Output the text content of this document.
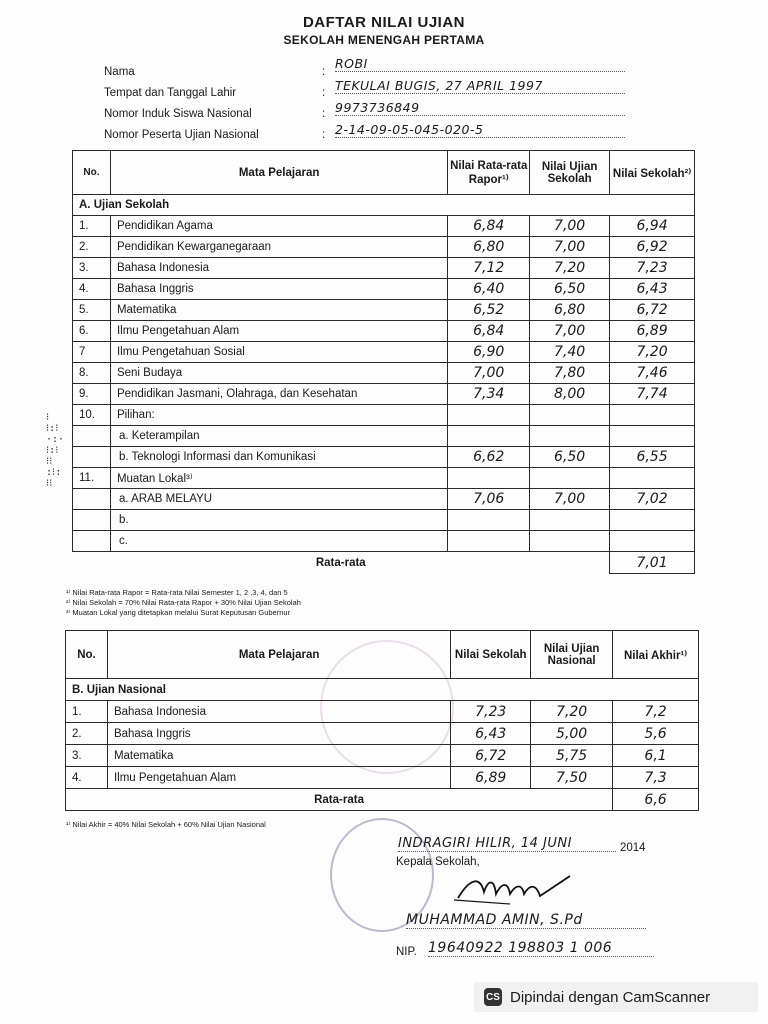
DAFTAR NILAI UJIAN
SEKOLAH MENENGAH PERTAMA
Nama	:
ROBI
Tempat dan Tanggal Lahir	: TEKULAI BUGIS, 27 APRIL 1997
Nomor Induk Siswa Nasional	: 9973736849
Nomor Peserta Ujian Nasional	: 2-14-09-05-045-020-5
No.	Mata Pelajaran	Nilai Rata-rata Rapor¹⁾	Nilai Ujian Sekolah	Nilai Sekolah²⁾
A. Ujian Sekolah				
1.	Pendidikan Agama	6,84	7,00	6,94
2.	Pendidikan Kewarganegaraan	6,80	7,00	6,92
3.	Bahasa Indonesia	7,12	7,20	7,23
4.	Bahasa Inggris	6,40	6,50	6,43
5.	Matematika	6,52	6,80	6,72
6.	Ilmu Pengetahuan Alam	6,84	7,00	6,89
7	Ilmu Pengetahuan Sosial	6,90	7,40	7,20
8.	Seni Budaya	7,00	7,80	7,46
9.	Pendidikan Jasmani, Olahraga, dan Kesehatan	7,34	8,00	7,74
10.	Pilihan:			
	a. Keterampilan			
	b. Teknologi Informasi dan Komunikasi	6,62	6,50	6,55
11.	Muatan Lokal³⁾			
	a. ARAB MELAYU	7,06	7,00	7,02
	b.			
	c.			
Rata-rata				7,01
¹⁾ Nilai Rata-rata Rapor = Rata-rata Nilai Semester 1, 2 ,3, 4, dan 5
²⁾ Nilai Sekolah = 70% Nilai Rata-rata Rapor + 30% Nilai Ujian Sekolah
³⁾ Muatan Lokal yang ditetapkan melalui Surat Keputusan Gubernur
No.	Mata Pelajaran	Nilai Sekolah	Nilai Ujian Nasional	Nilai Akhir¹⁾
B. Ujian Nasional				
1.	Bahasa Indonesia	7,23	7,20	7,2
2.	Bahasa Inggris	6,43	5,00	5,6
3.	Matematika	6,72	5,75	6,1
4.	Ilmu Pengetahuan Alam	6,89	7,50	7,3
Rata-rata				6,6
¹⁾ Nilai Akhir = 40% Nilai Sekolah + 60% Nilai Ujian Nasional
⁝
⁝:⁝
·:·
⁝:⁝
⁝⁝
:⁝:
⁝⁝
INDRAGIRI HILIR, 14 JUNI	2014
Kepala Sekolah,
MUHAMMAD AMIN, S.Pd
NIP. 19640922 198803 1 006
CS Dipindai dengan CamScanner
